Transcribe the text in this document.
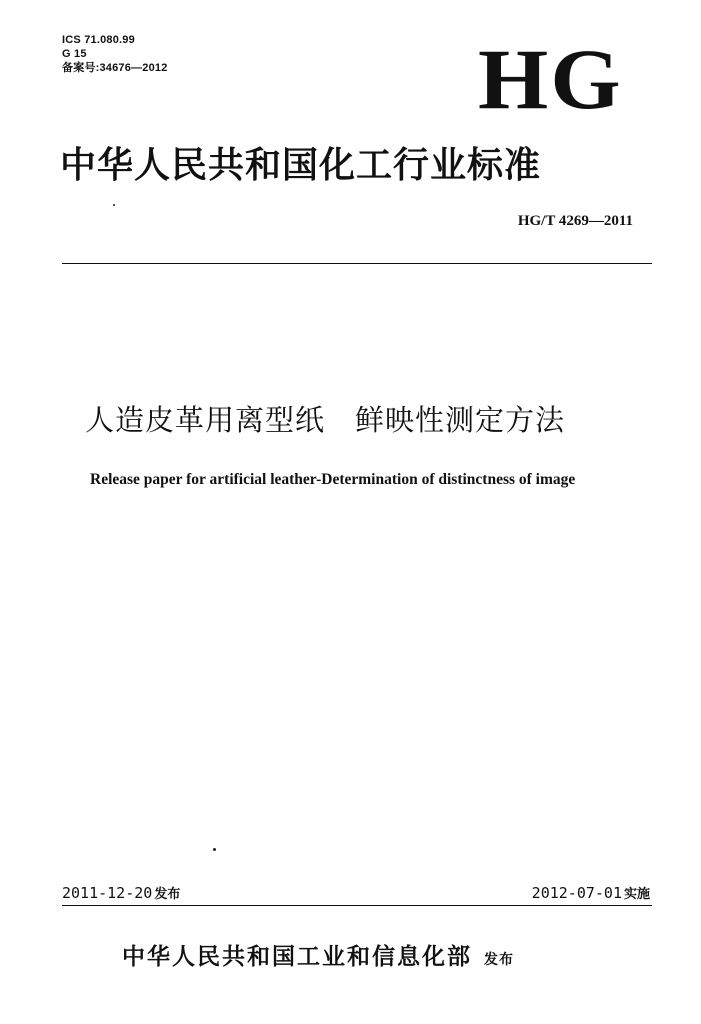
ICS 71.080.99
G 15
备案号:34676—2012	HG
中华人民共和国化工行业标准
HG/T 4269—2011
人造皮革用离型纸　鲜映性测定方法
Release paper for artificial leather-Determination of distinctness of image
2011-12-20 发布	2012-07-01 实施
中华人民共和国工业和信息化部 发布
